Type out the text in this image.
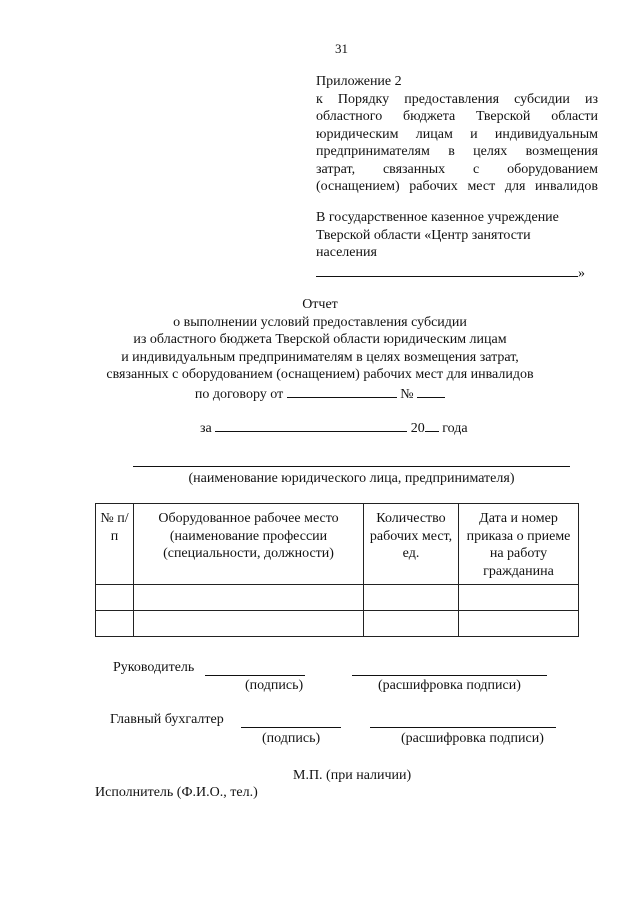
31
Приложение 2
к Порядку предоставления субсидии из
областного бюджета Тверской области
юридическим лицам и индивидуальным
предпринимателям в целях возмещения
затрат, связанных с оборудованием
(оснащением) рабочих мест для инвалидов
В государственное казенное учреждение
Тверской области «Центр занятости
населения
»
Отчет
о выполнении условий предоставления субсидии
из областного бюджета Тверской области юридическим лицам
и индивидуальным предпринимателям в целях возмещения затрат,
связанных с оборудованием (оснащением) рабочих мест для инвалидов
по договору от	№
за	20 года
(наименование юридического лица, предпринимателя)
№ п/п	Оборудованное рабочее место (наименование профессии (специальности, должности)	Количество рабочих мест, ед.	Дата и номер приказа о приеме на работу гражданина

Руководитель
(подпись)	(расшифровка подписи)
Главный бухгалтер
(подпись)	(расшифровка подписи)
М.П. (при наличии)
Исполнитель (Ф.И.О., тел.)
